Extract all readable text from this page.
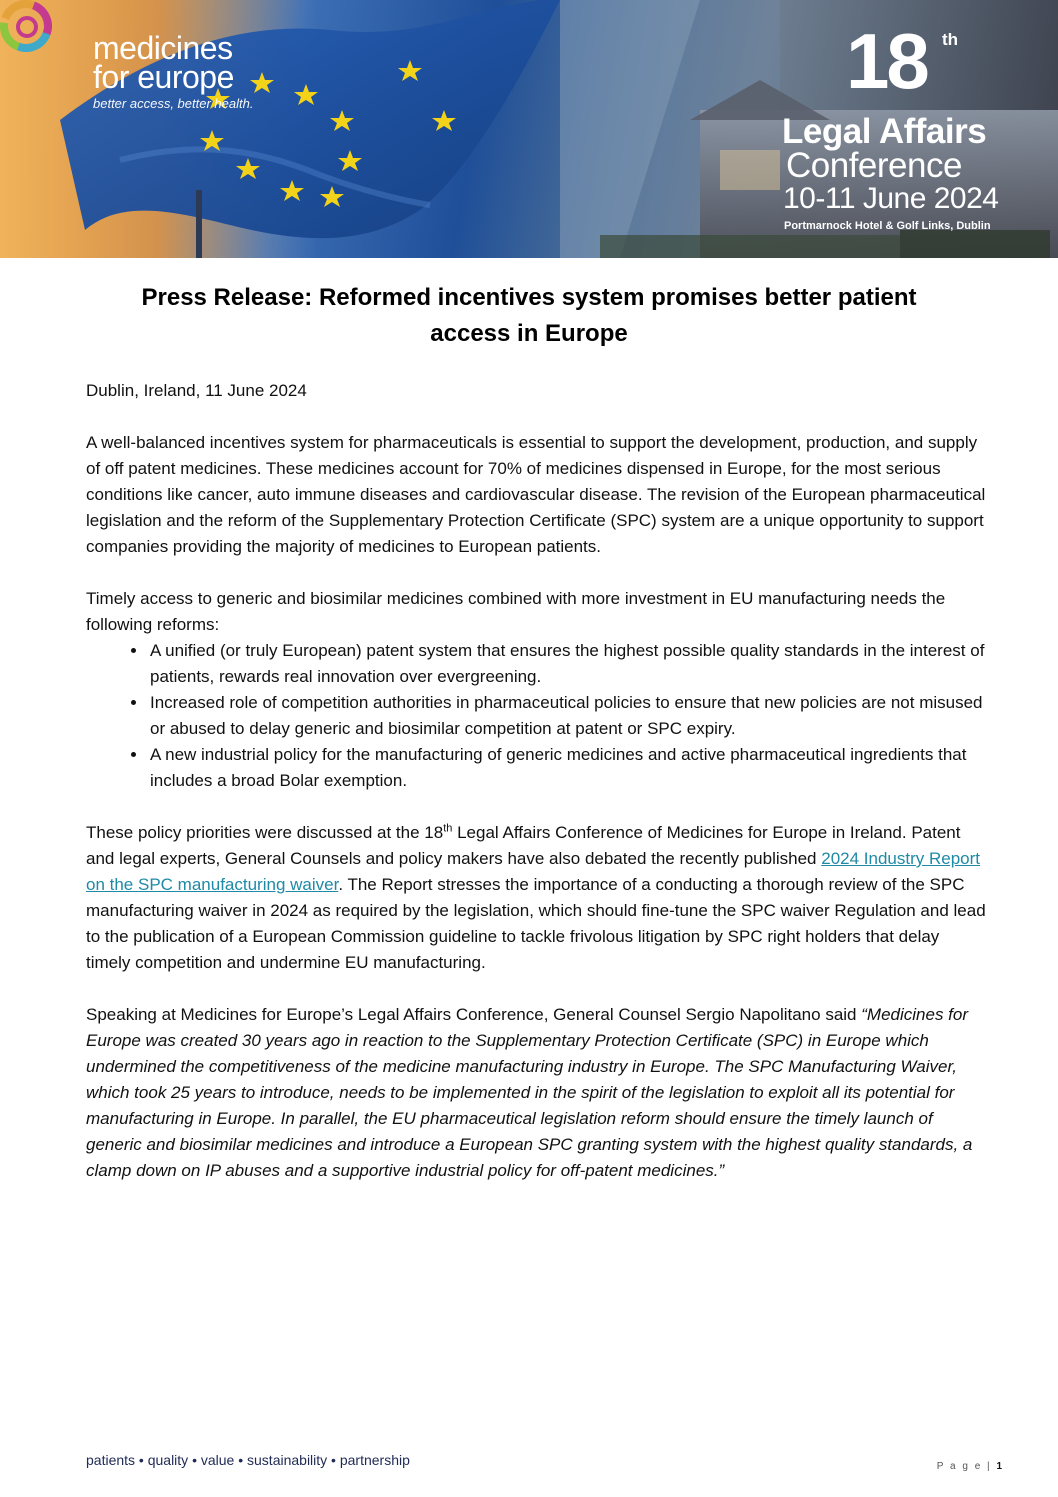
medicines
for europe
better access, better health.	18 th
Legal Affairs
Conference
10-11 June 2024
Portmarnock Hotel & Golf Links, Dublin
Press Release: Reformed incentives system promises better patient access in Europe

Dublin, Ireland, 11 June 2024

A well-balanced incentives system for pharmaceuticals is essential to support the development, production, and supply of off patent medicines. These medicines account for 70% of medicines dispensed in Europe, for the most serious conditions like cancer, auto immune diseases and cardiovascular disease. The revision of the European pharmaceutical legislation and the reform of the Supplementary Protection Certificate (SPC) system are a unique opportunity to support companies providing the majority of medicines to European patients.

Timely access to generic and biosimilar medicines combined with more investment in EU manufacturing needs the following reforms:

• A unified (or truly European) patent system that ensures the highest possible quality standards in the interest of patients, rewards real innovation over evergreening.
• Increased role of competition authorities in pharmaceutical policies to ensure that new policies are not misused or abused to delay generic and biosimilar competition at patent or SPC expiry.
• A new industrial policy for the manufacturing of generic medicines and active pharmaceutical ingredients that includes a broad Bolar exemption.

These policy priorities were discussed at the 18th Legal Affairs Conference of Medicines for Europe in Ireland. Patent and legal experts, General Counsels and policy makers have also debated the recently published 2024 Industry Report on the SPC manufacturing waiver. The Report stresses the importance of a conducting a thorough review of the SPC manufacturing waiver in 2024 as required by the legislation, which should fine-tune the SPC waiver Regulation and lead to the publication of a European Commission guideline to tackle frivolous litigation by SPC right holders that delay timely competition and undermine EU manufacturing.

Speaking at Medicines for Europe’s Legal Affairs Conference, General Counsel Sergio Napolitano said “Medicines for Europe was created 30 years ago in reaction to the Supplementary Protection Certificate (SPC) in Europe which undermined the competitiveness of the medicine manufacturing industry in Europe. The SPC Manufacturing Waiver, which took 25 years to introduce, needs to be implemented in the spirit of the legislation to exploit all its potential for manufacturing in Europe. In parallel, the EU pharmaceutical legislation reform should ensure the timely launch of generic and biosimilar medicines and introduce a European SPC granting system with the highest quality standards, a clamp down on IP abuses and a supportive industrial policy for off-patent medicines.”

patients • quality • value • sustainability • partnership	P a g e | 1
